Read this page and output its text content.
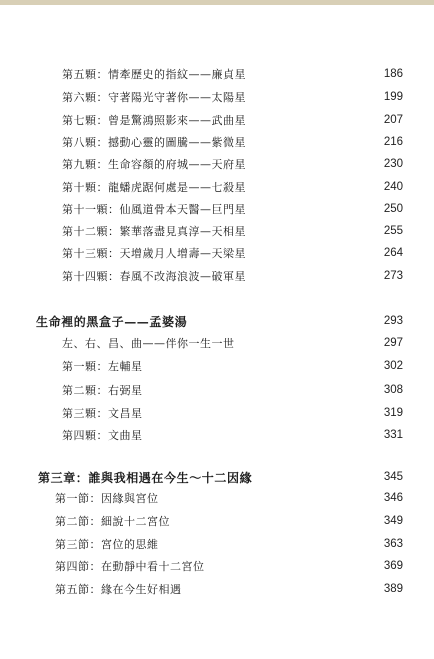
第五顆：情牽歷史的指紋——廉貞星	186
第六顆：守著陽光守著你——太陽星	199
第七顆：曾是驚鴻照影來——武曲星	207
第八顆：撼動心靈的圖騰——紫微星	216
第九顆：生命容顏的府城——天府星	230
第十顆：龍蟠虎踞何處是——七殺星	240
第十一顆：仙風道骨本天醫—巨門星	250
第十二顆：繁華落盡見真淳—天相星	255
第十三顆：天增歲月人增壽—天梁星	264
第十四顆：春風不改海浪波—破軍星	273
生命裡的黑盒子——孟婆湯	293
左、右、昌、曲——伴你一生一世	297
第一顆：左輔星	302
第二顆：右弼星	308
第三顆：文昌星	319
第四顆：文曲星	331
第三章：誰與我相遇在今生～十二因緣	345
第一節：因緣與宮位	346
第二節：細說十二宮位	349
第三節：宮位的思維	363
第四節：在動靜中看十二宮位	369
第五節：緣在今生好相遇	389
